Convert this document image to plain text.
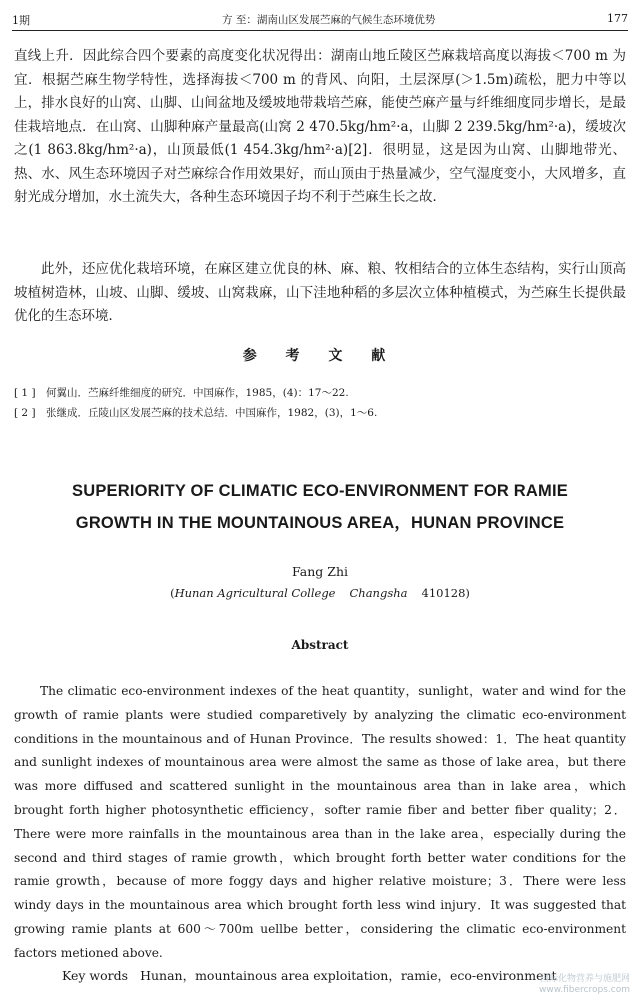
1期	方 至：湖南山区发展苎麻的气候生态环境优势	177
直线上升．因此综合四个要素的高度变化状况得出：湖南山地丘陵区苎麻栽培高度以海拔＜700 m 为宜．根据苎麻生物学特性，选择海拔＜700 m 的背风、向阳，土层深厚(＞1.5m)疏松，肥力中等以上，排水良好的山窝、山脚、山间盆地及缓坡地带栽培苎麻，能使苎麻产量与纤维细度同步增长，是最佳栽培地点．在山窝、山脚种麻产量最高(山窝 2 470.5kg/hm²·a，山脚 2 239.5kg/hm²·a)，缓坡次之(1 863.8kg/hm²·a)，山顶最低(1 454.3kg/hm²·a)[2]．很明显，这是因为山窝、山脚地带光、热、水、风生态环境因子对苎麻综合作用效果好，而山顶由于热量减少，空气湿度变小，大风增多，直射光成分增加，水土流失大，各种生态环境因子均不利于苎麻生长之故．
此外，还应优化栽培环境，在麻区建立优良的林、麻、粮、牧相结合的立体生态结构，实行山顶高坡植树造林，山坡、山脚、缓坡、山窝栽麻，山下洼地种稻的多层次立体种植模式，为苎麻生长提供最优化的生态环境．
参 考 文 献
[ 1 ] 何翼山．苎麻纤维细度的研究．中国麻作，1985，(4)：17～22.
[ 2 ] 张继成．丘陵山区发展苎麻的技术总结．中国麻作，1982，(3)，1～6.
SUPERIORITY OF CLIMATIC ECO-ENVIRONMENT FOR RAMIE
GROWTH IN THE MOUNTAINOUS AREA，HUNAN PROVINCE
Fang Zhi
(Hunan Agricultural College Changsha 410128)
Abstract
The climatic eco-environment indexes of the heat quantity，sunlight，water and wind for the growth of ramie plants were studied comparetively by analyzing the climatic eco-environment conditions in the mountainous and of Hunan Province．The results showed：1．The heat quantity and sunlight indexes of mountainous area were almost the same as those of lake area，but there was more diffused and scattered sunlight in the mountainous area than in lake area，which brought forth higher photosynthetic efficiency，softer ramie fiber and better fiber quality；2．There were more rainfalls in the mountainous area than in the lake area，especially during the second and third stages of ramie growth，which brought forth better water conditions for the ramie growth，because of more foggy days and higher relative moisture；3．There were less windy days in the mountainous area which brought forth less wind injury．It was suggested that growing ramie plants at 600～700m uellbe better，considering the climatic eco-environment factors metioned above.
Key words Hunan，mountainous area exploitation，ramie，eco-environment
国际化物营养与施肥网
www.fibercrops.com
